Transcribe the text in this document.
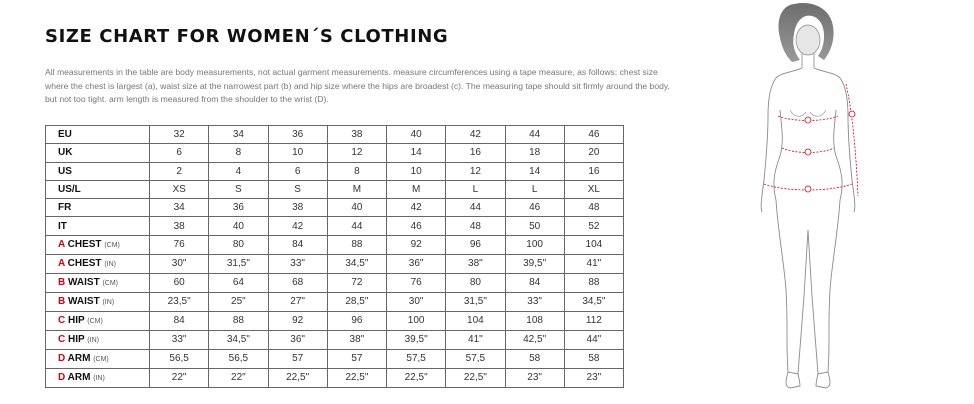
SIZE CHART FOR WOMEN´S CLOTHING
All measurements in the table are body measurements, not actual garment measurements. measure circumferences using a tape measure, as follows: chest size where the chest is largest (a), waist size at the narrowest part (b) and hip size where the hips are broadest (c). The measuring tape should sit firmly around the body, but not too tight. arm length is measured from the shoulder to the wrist (D).
EU	32	34	36	38	40	42	44	46
UK	6	8	10	12	14	16	18	20
US	2	4	6	8	10	12	14	16
US/L	XS	S	S	M	M	L	L	XL
FR	34	36	38	40	42	44	46	48
IT	38	40	42	44	46	48	50	52
A CHEST (CM)	76	80	84	88	92	96	100	104
A CHEST (IN)	30"	31,5"	33"	34,5"	36"	38"	39,5"	41"
B WAIST (CM)	60	64	68	72	76	80	84	88
B WAIST (IN)	23,5"	25"	27"	28,5"	30"	31,5"	33"	34,5"
C HIP (CM)	84	88	92	96	100	104	108	112
C HIP (IN)	33"	34,5"	36"	38"	39,5"	41"	42,5"	44"
D ARM (CM)	56,5	56,5	57	57	57,5	57,5	58	58
D ARM (IN)	22"	22"	22,5"	22,5"	22,5"	22,5"	23"	23"
